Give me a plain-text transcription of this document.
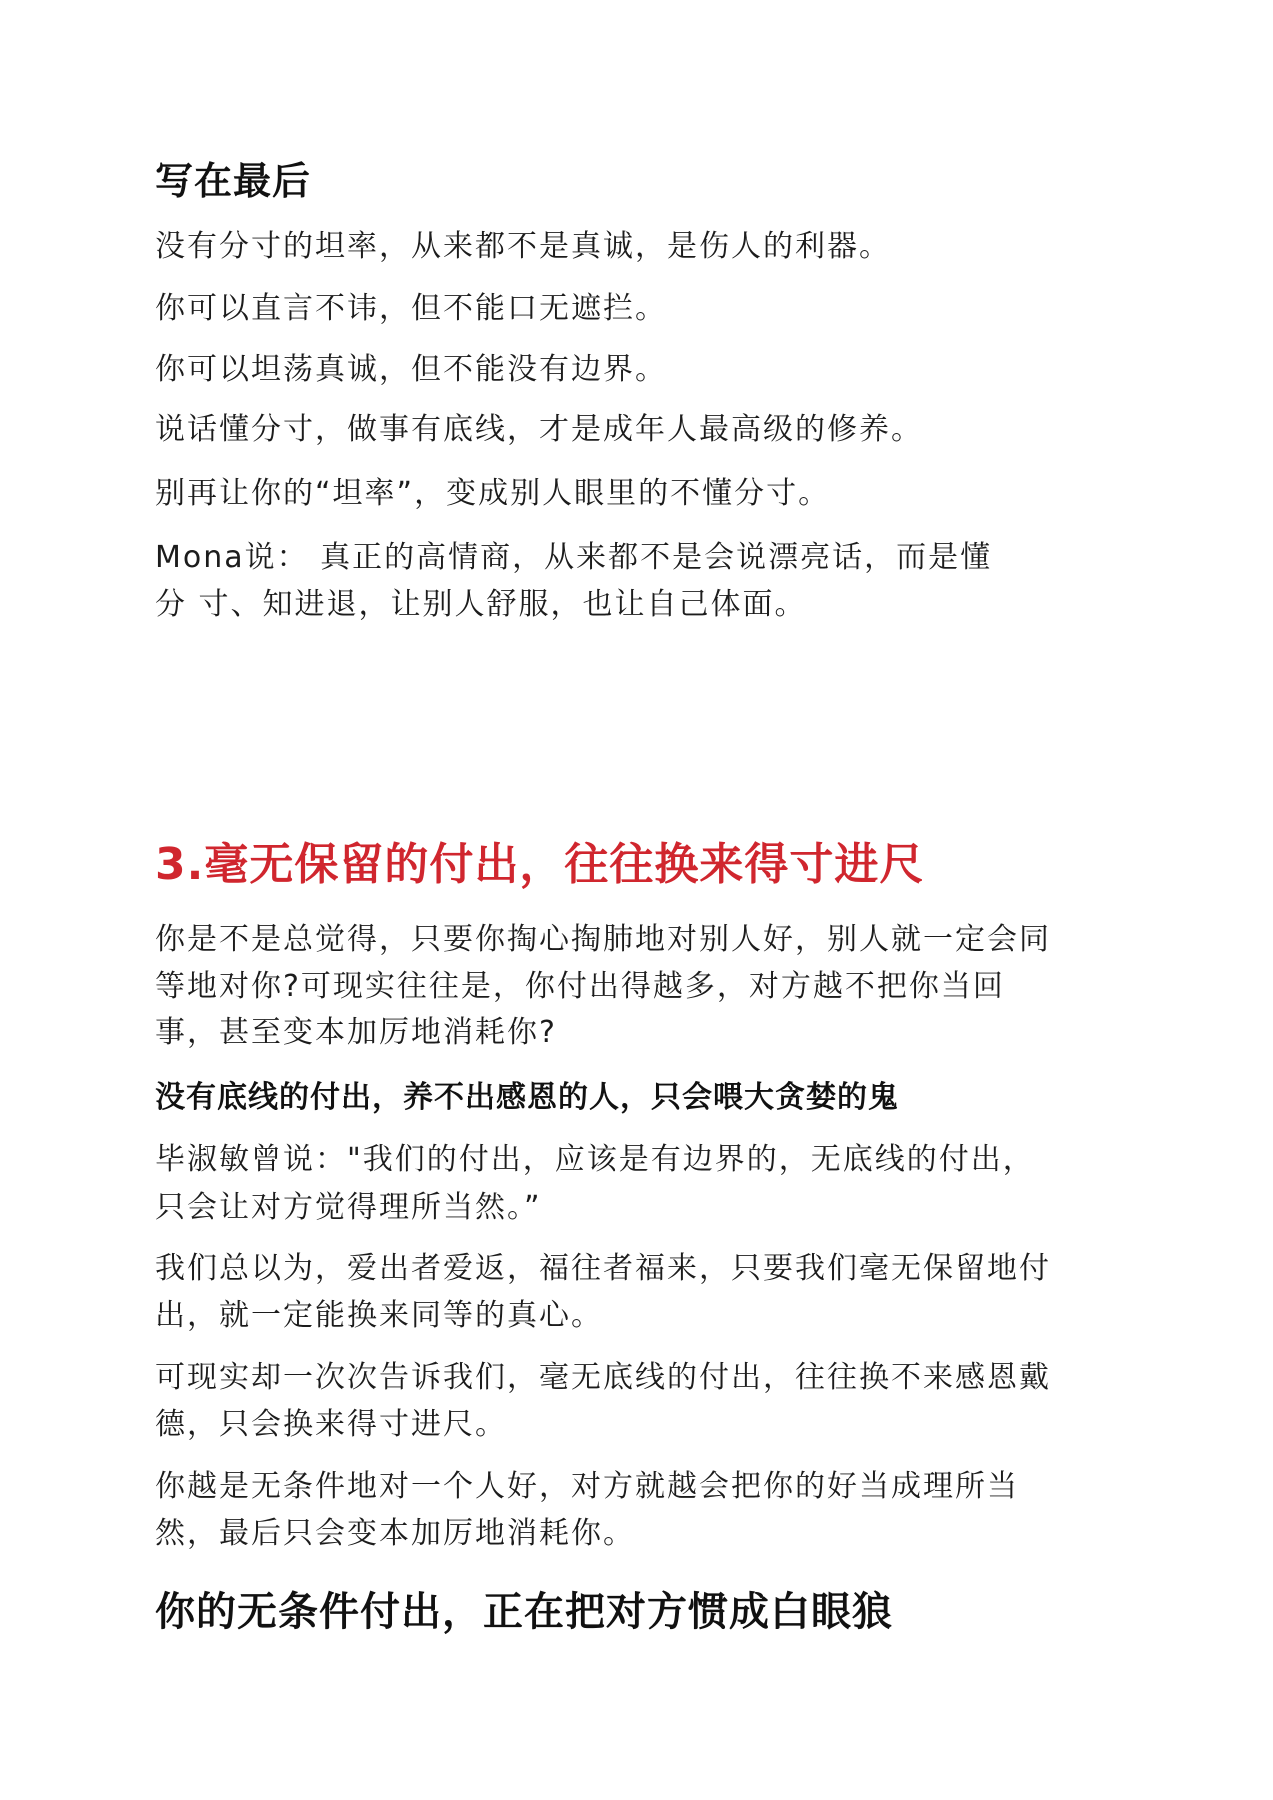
写在最后

没有分寸的坦率，从来都不是真诚，是伤人的利器。

你可以直言不讳，但不能口无遮拦。

你可以坦荡真诚，但不能没有边界。

说话懂分寸，做事有底线，才是成年人最高级的修养。

别再让你的“坦率”，变成别人眼里的不懂分寸。

Mona说： 真正的高情商，从来都不是会说漂亮话，而是懂

分 寸、知进退，让别人舒服，也让自己体面。

3.毫无保留的付出，往往换来得寸进尺

你是不是总觉得，只要你掏心掏肺地对别人好，别人就一定会同

等地对你?可现实往往是，你付出得越多，对方越不把你当回

事，甚至变本加厉地消耗你?

没有底线的付出，养不出感恩的人，只会喂大贪婪的鬼

毕淑敏曾说："我们的付出，应该是有边界的，无底线的付出，

只会让对方觉得理所当然。”

我们总以为，爱出者爱返，福往者福来，只要我们毫无保留地付

出，就一定能换来同等的真心。

可现实却一次次告诉我们，毫无底线的付出，往往换不来感恩戴

德，只会换来得寸进尺。

你越是无条件地对一个人好，对方就越会把你的好当成理所当

然，最后只会变本加厉地消耗你。

你的无条件付出，正在把对方惯成白眼狼
